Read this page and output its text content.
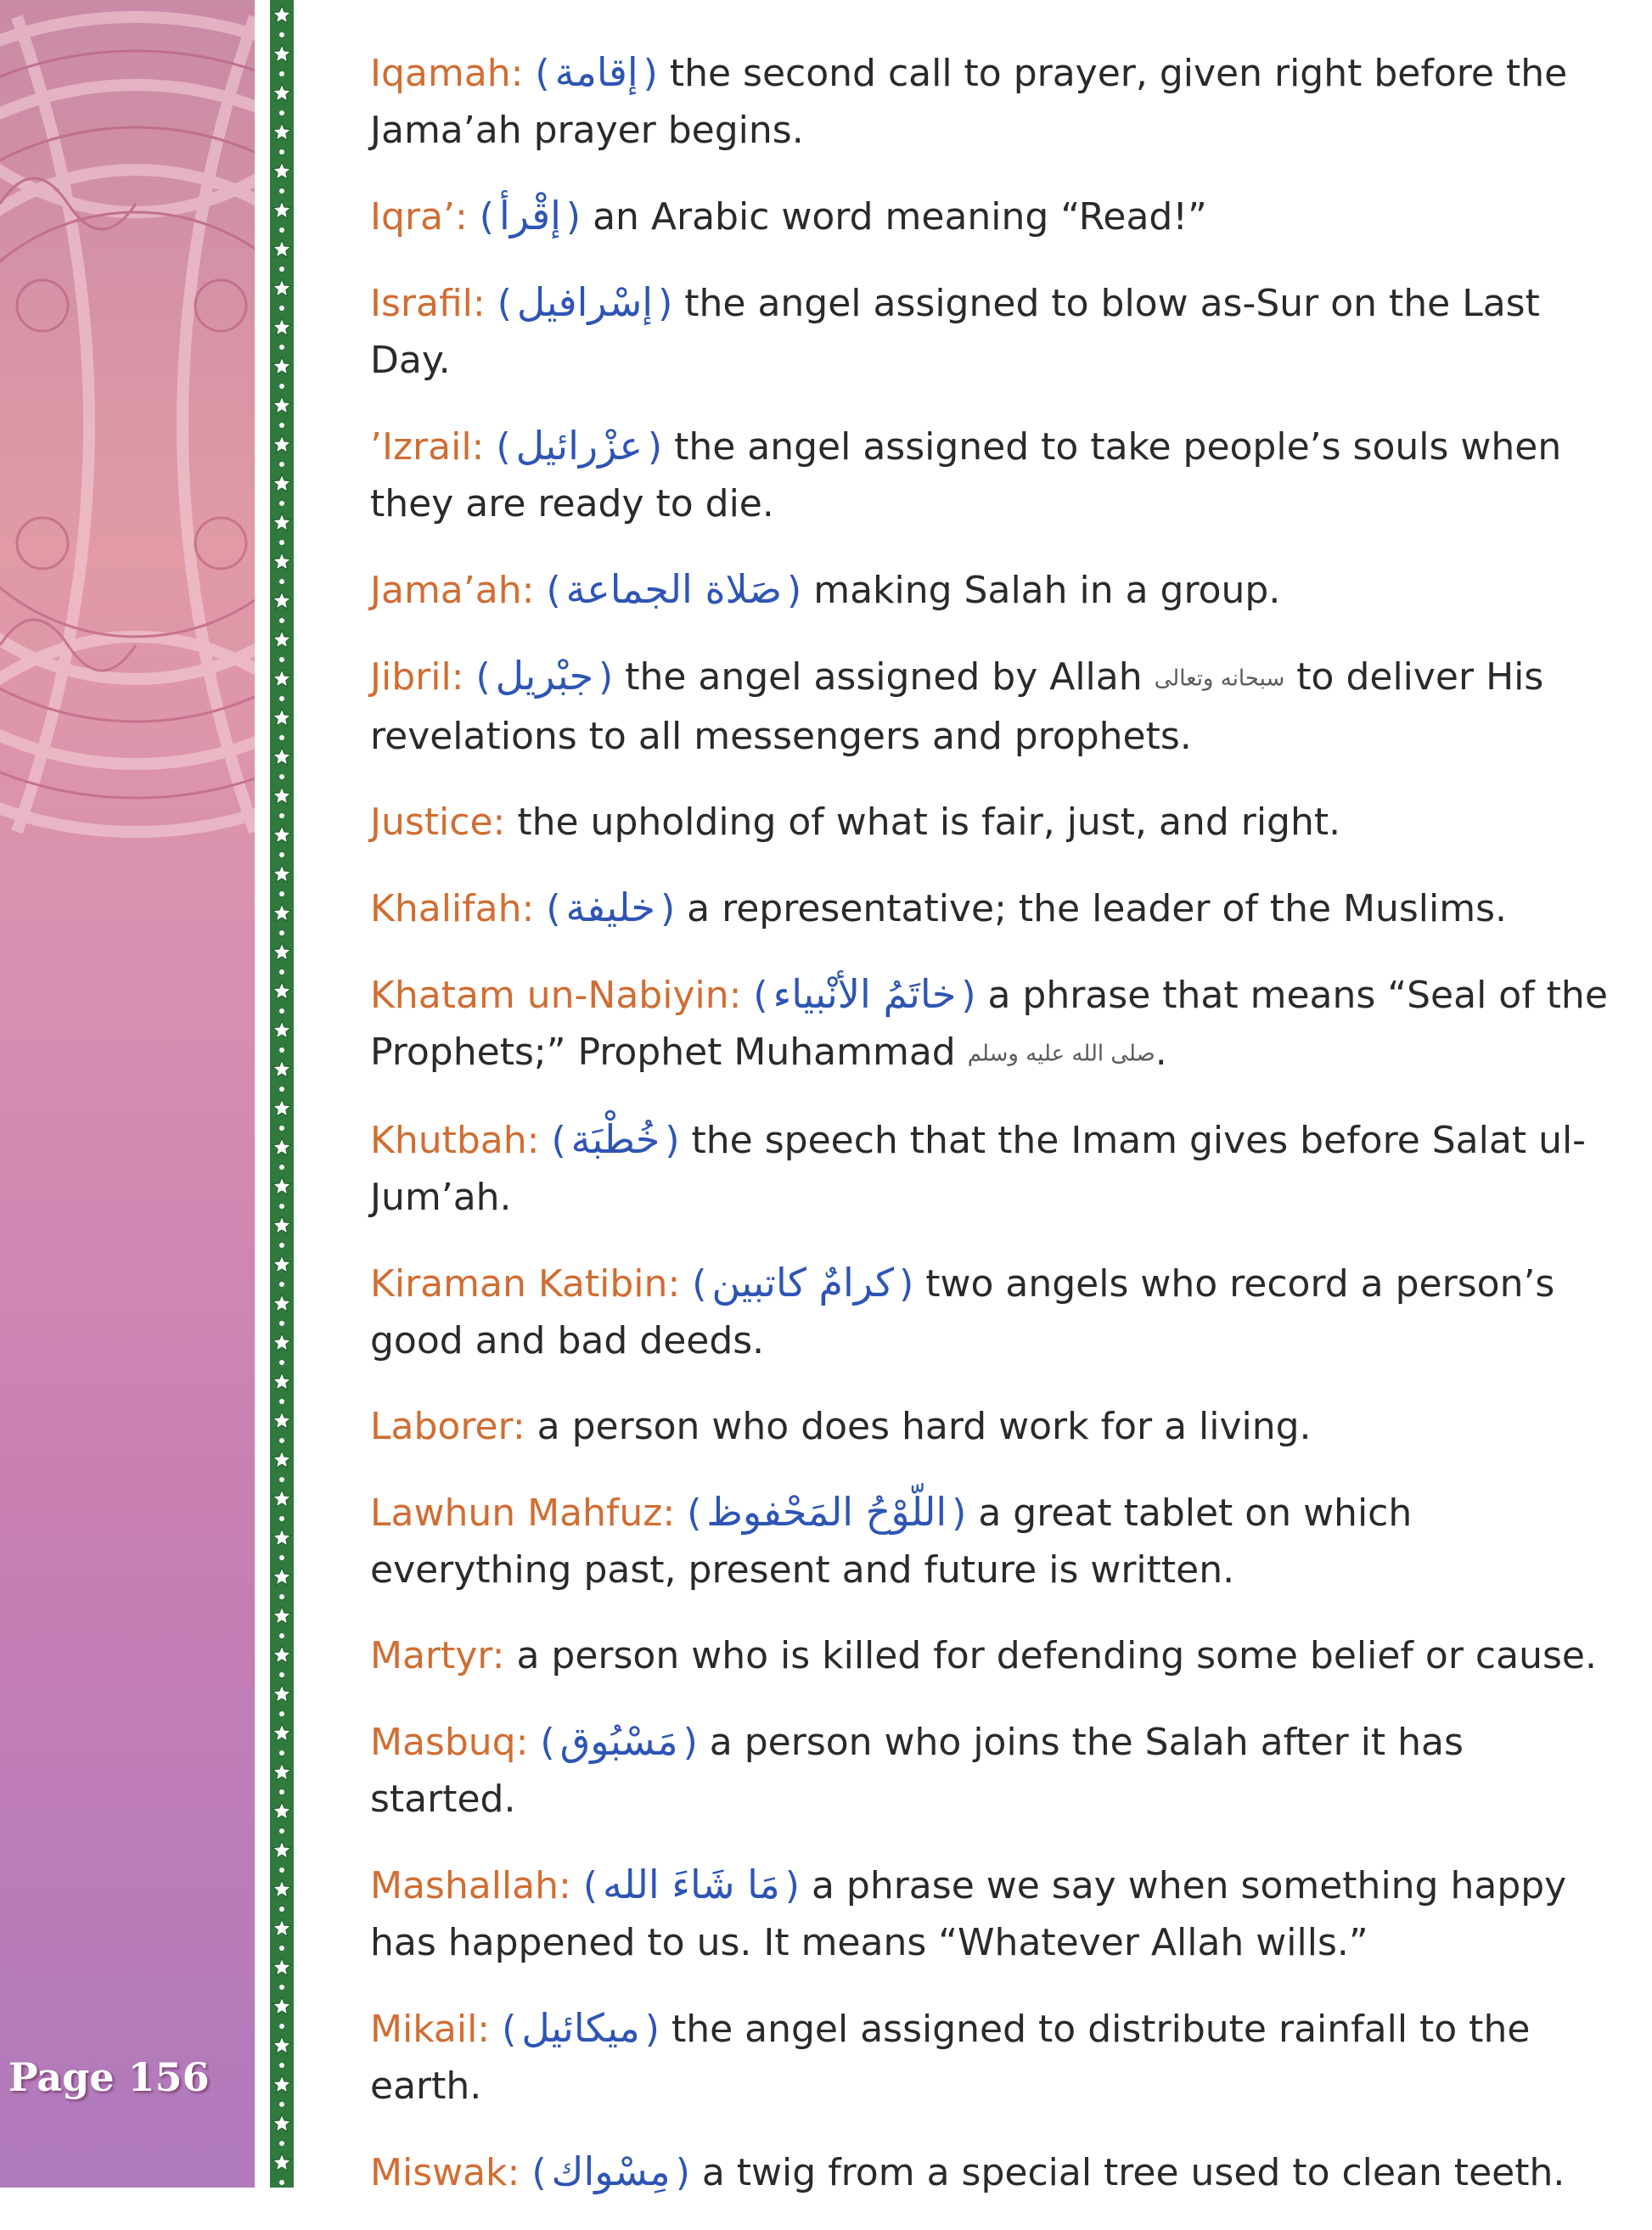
Page 156
Iqamah: ( إقامة ) the second call to prayer, given right before the Jama’ah prayer begins.
Iqra’: ( إقْرأ ) an Arabic word meaning “Read!”
Israfil: ( إسْرافيل ) the angel assigned to blow as-Sur on the Last Day.
’Izrail: ( عزْرائيل ) the angel assigned to take people’s souls when they are ready to die.
Jama’ah: ( صَلاة الجماعة ) making Salah in a group.
Jibril: ( جبْريل ) the angel assigned by Allah سبحانه وتعالى to deliver His revelations to all messengers and prophets.
Justice: the upholding of what is fair, just, and right.
Khalifah: ( خليفة ) a representative; the leader of the Muslims.
Khatam un-Nabiyin: ( خاتَمُ الأنْبياء ) a phrase that means “Seal of the Prophets;” Prophet Muhammad صلى الله عليه وسلم.
Khutbah: ( خُطْبَة ) the speech that the Imam gives before Salat ul-Jum’ah.
Kiraman Katibin: ( كرامٌ كاتبين ) two angels who record a person’s good and bad deeds.
Laborer: a person who does hard work for a living.
Lawhun Mahfuz: ( اللّوْحُ المَحْفوظ ) a great tablet on which everything past, present and future is written.
Martyr: a person who is killed for defending some belief or cause.
Masbuq: ( مَسْبُوق ) a person who joins the Salah after it has started.
Mashallah: ( مَا شَاءَ الله ) a phrase we say when something happy has happened to us. It means “Whatever Allah wills.”
Mikail: ( ميكائيل ) the angel assigned to distribute rainfall to the earth.
Miswak: ( مِسْواك ) a twig from a special tree used to clean teeth.
